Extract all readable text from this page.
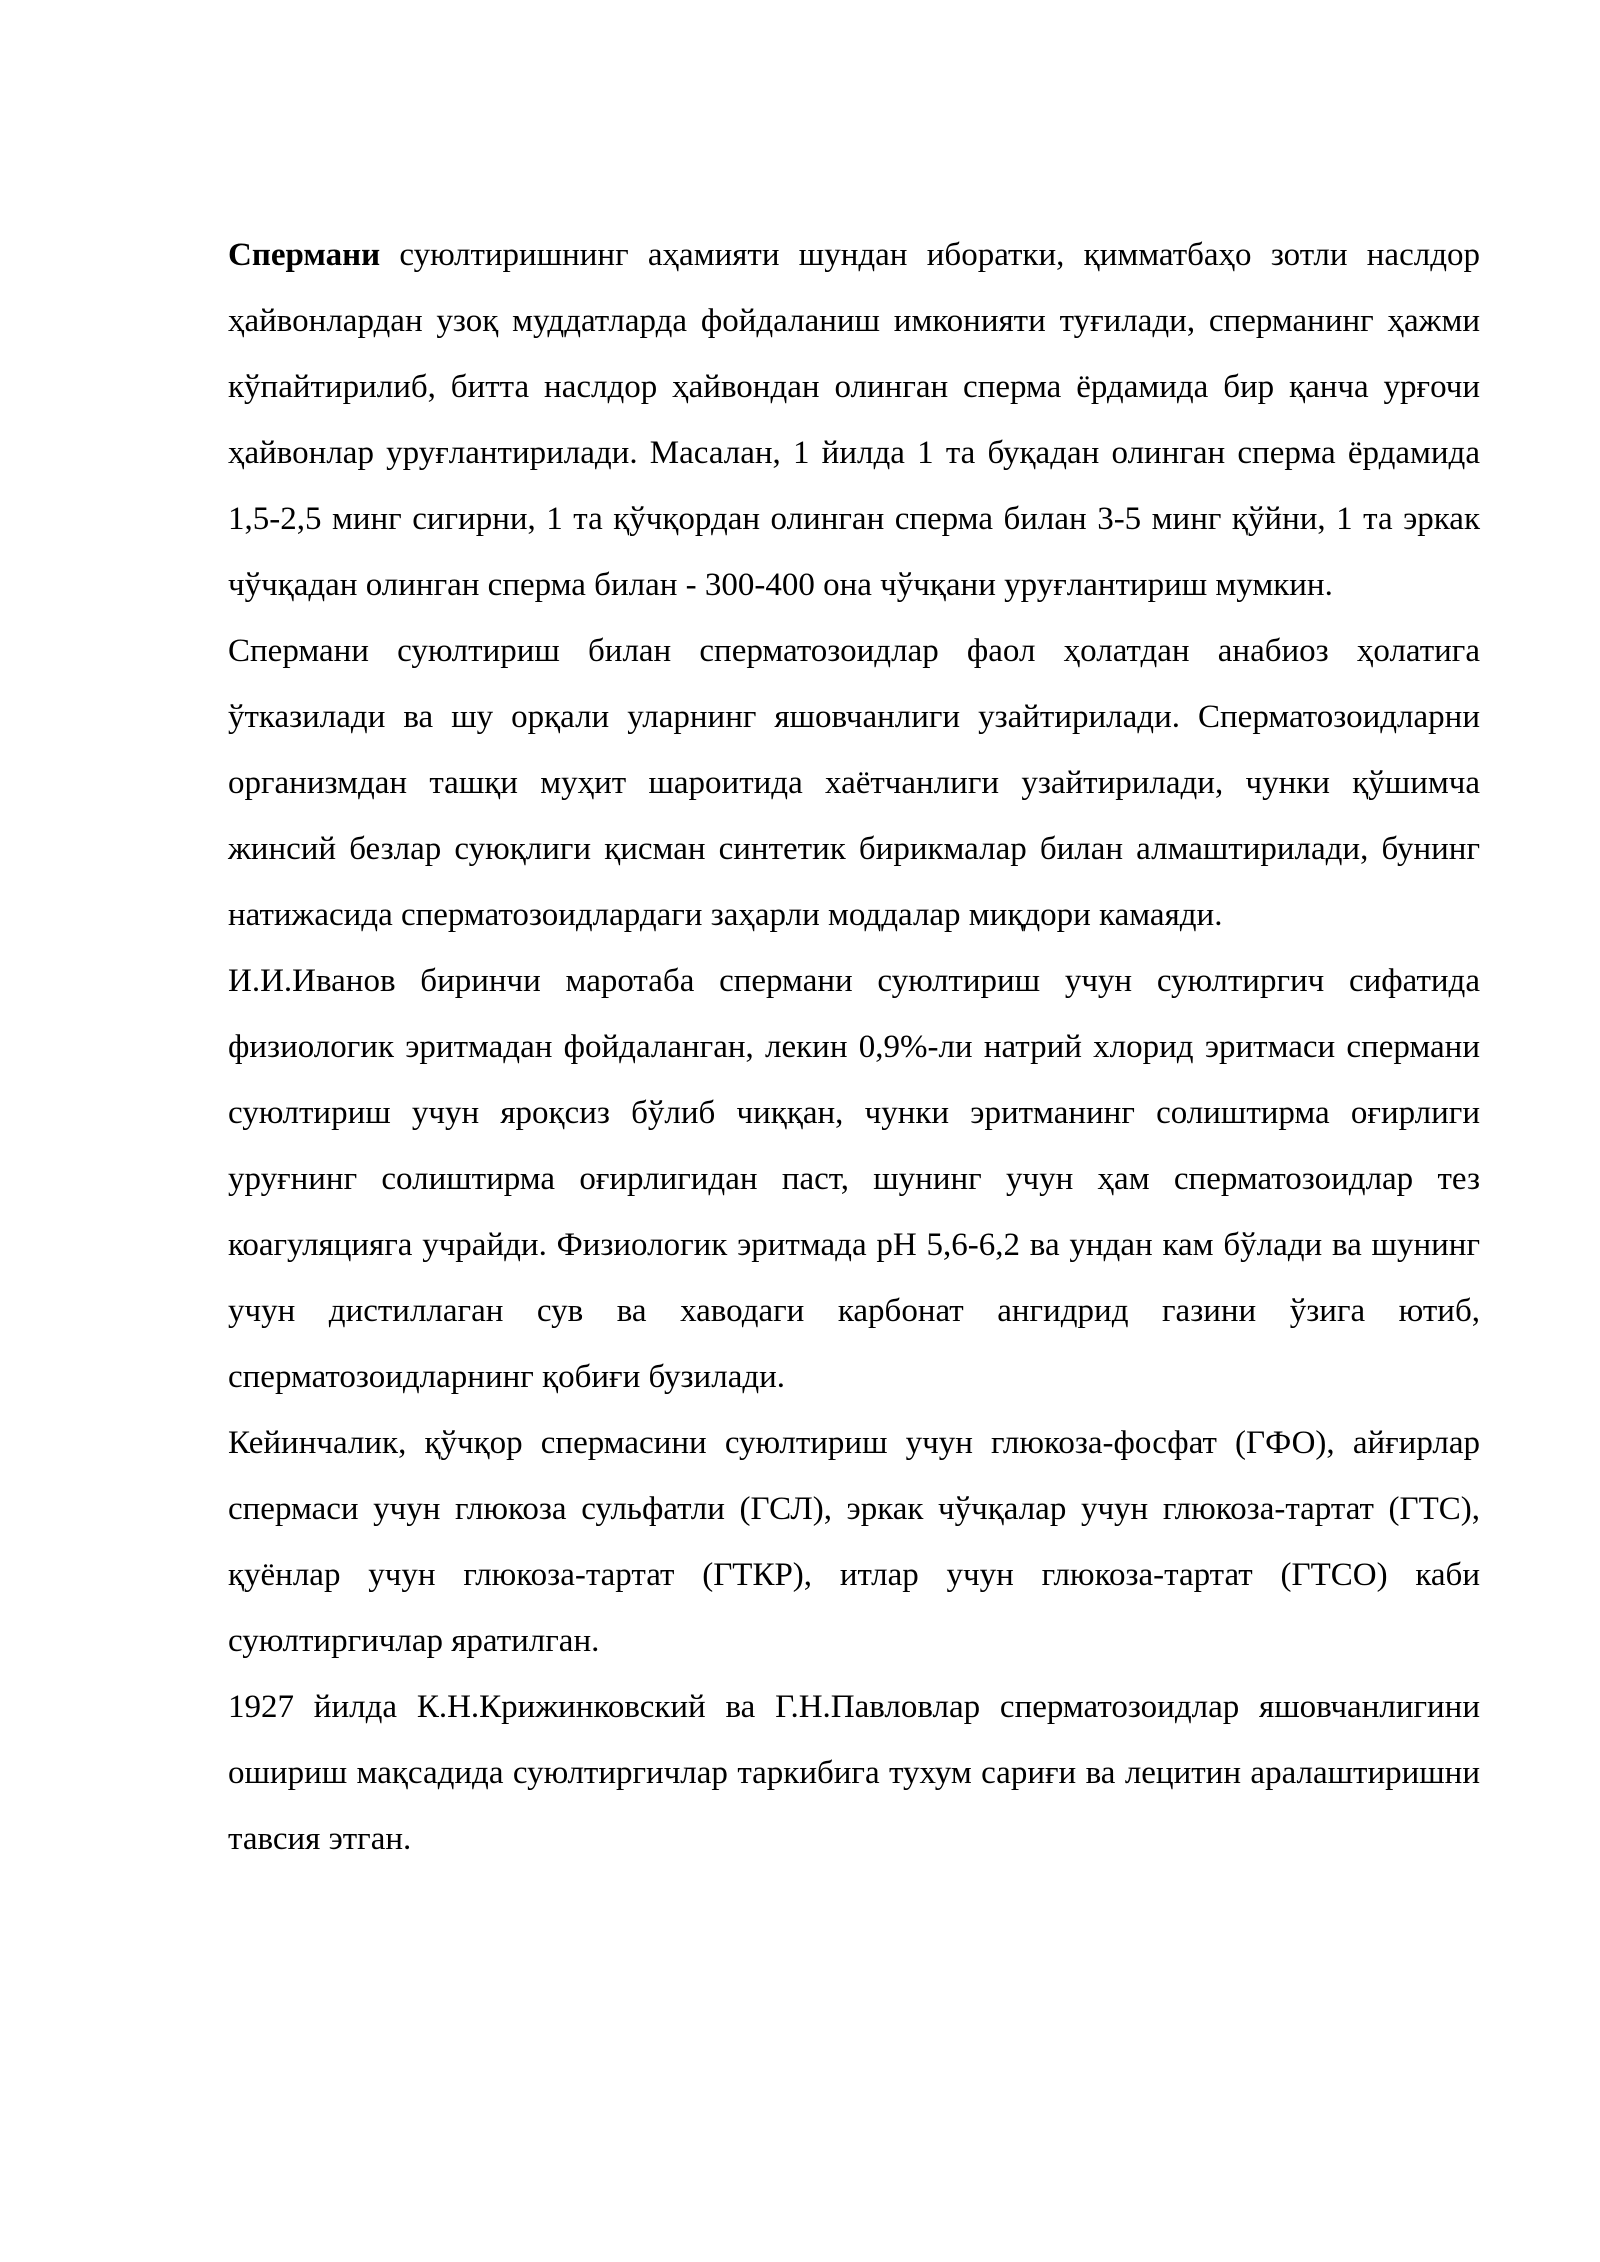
Спермани суюлтиришнинг аҳамияти шундан иборатки, қимматбаҳо зотли наслдор ҳайвонлардан узоқ муддатларда фойдаланиш имконияти туғилади, сперманинг ҳажми кўпайтирилиб, битта наслдор ҳайвондан олинган сперма ёрдамида бир қанча урғочи ҳайвонлар уруғлантирилади. Масалан, 1 йилда 1 та буқадан олинган сперма ёрдамида 1,5-2,5 минг сигирни, 1 та қўчқордан олинган сперма билан 3-5 минг қўйни, 1 та эркак чўчқадан олинган сперма билан - 300-400 она чўчқани уруғлантириш мумкин.

Спермани суюлтириш билан сперматозоидлар фаол ҳолатдан анабиоз ҳолатига ўтказилади ва шу орқали уларнинг яшовчанлиги узайтирилади. Сперматозоидларни организмдан ташқи муҳит шароитида хаётчанлиги узайтирилади, чунки қўшимча жинсий безлар суюқлиги қисман синтетик бирикмалар билан алмаштирилади, бунинг натижасида сперматозоидлардаги заҳарли моддалар миқдори камаяди.

И.И.Иванов биринчи маротаба спермани суюлтириш учун суюлтиргич сифатида физиологик эритмадан фойдаланган, лекин 0,9%-ли натрий хлорид эритмаси спермани суюлтириш учун яроқсиз бўлиб чиққан, чунки эритманинг солиштирма оғирлиги уруғнинг солиштирма оғирлигидан паст, шунинг учун ҳам сперматозоидлар тез коагуляцияга учрайди. Физиологик эритмада рН 5,6-6,2 ва ундан кам бўлади ва шунинг учун дистиллаган сув ва хаводаги карбонат ангидрид газини ўзига ютиб, сперматозоидларнинг қобиғи бузилади.

Кейинчалик, қўчқор спермасини суюлтириш учун глюкоза-фосфат (ГФО), айғирлар спермаси учун глюкоза сульфатли (ГСЛ), эркак чўчқалар учун глюкоза-тартат (ГТС), қуёнлар учун глюкоза-тартат (ГТКР), итлар учун глюкоза-тартат (ГТСО) каби суюлтиргичлар яратилган.

1927 йилда К.Н.Крижинковский ва Г.Н.Павловлар сперматозоидлар яшовчанлигини ошириш мақсадида суюлтиргичлар таркибига тухум сариғи ва лецитин аралаштиришни тавсия этган.
